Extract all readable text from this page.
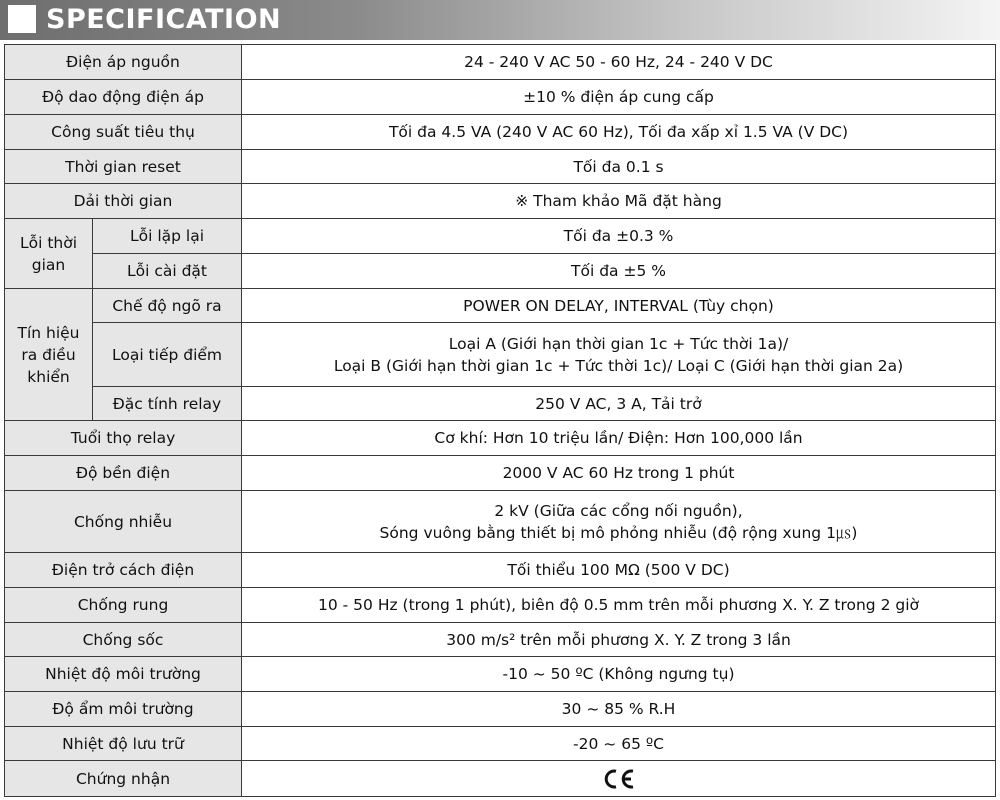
SPECIFICATION
Điện áp nguồn		24 - 240 V AC 50 - 60 Hz, 24 - 240 V DC
Độ dao động điện áp		±10 % điện áp cung cấp
Công suất tiêu thụ		Tối đa 4.5 VA (240 V AC 60 Hz), Tối đa xấp xỉ 1.5 VA (V DC)
Thời gian reset		Tối đa 0.1 s
Dải thời gian		※ Tham khảo Mã đặt hàng

Lỗi thời
gian	Lỗi lặp lại	Tối đa ±0.3 %
	Lỗi cài đặt	Tối đa ±5 %

Tín hiệu
ra điều
khiển	Chế độ ngõ ra	POWER ON DELAY, INTERVAL (Tùy chọn)
	Loại tiếp điểm	Loại A (Giới hạn thời gian 1c + Tức thời 1a)/
Loại B (Giới hạn thời gian 1c + Tức thời 1c)/ Loại C (Giới hạn thời gian 2a)

	Đặc tính relay	250 V AC, 3 A, Tải trở
Tuổi thọ relay		Cơ khí: Hơn 10 triệu lần/ Điện: Hơn 100,000 lần
Độ bền điện		2000 V AC 60 Hz trong 1 phút
Chống nhiễu		2 kV (Giữa các cổng nối nguồn),
Sóng vuông bằng thiết bị mô phỏng nhiễu (độ rộng xung 1㎲)

Điện trở cách điện		Tối thiểu 100 MΩ (500 V DC)
Chống rung		10 - 50 Hz (trong 1 phút), biên độ 0.5 mm trên mỗi phương X. Y. Z trong 2 giờ
Chống sốc		300 m/s² trên mỗi phương X. Y. Z trong 3 lần
Nhiệt độ môi trường		-10 ~ 50 ºC (Không ngưng tụ)
Độ ẩm môi trường		30 ~ 85 % R.H
Nhiệt độ lưu trữ		-20 ~ 65 ºC
Chứng nhận	
